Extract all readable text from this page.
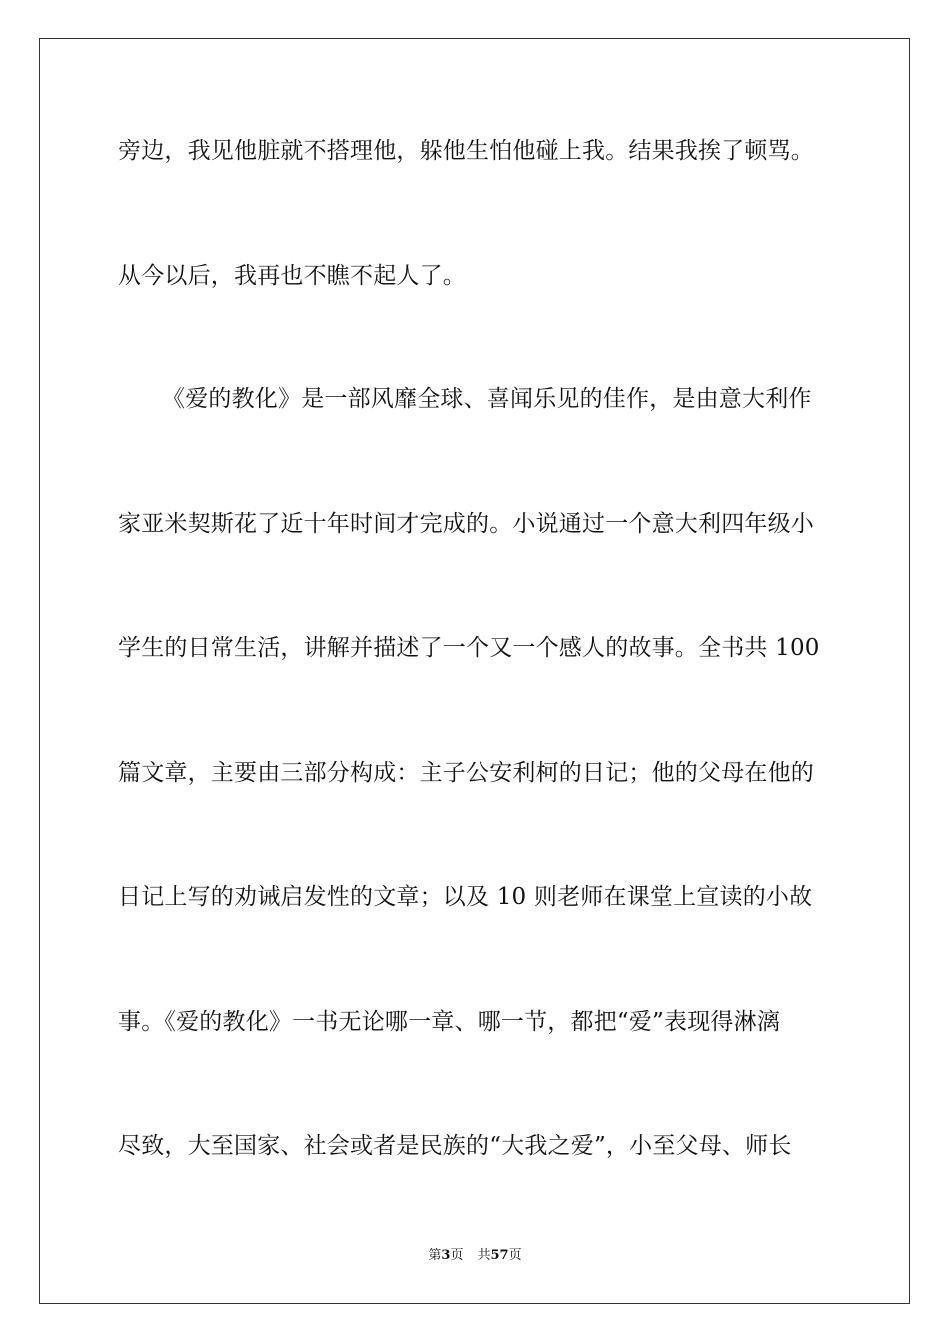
旁边，我见他脏就不搭理他，躲他生怕他碰上我。结果我挨了顿骂。
从今以后，我再也不瞧不起人了。
《爱的教化》是一部风靡全球、喜闻乐见的佳作，是由意大利作
家亚米契斯花了近十年时间才完成的。小说通过一个意大利四年级小
学生的日常生活，讲解并描述了一个又一个感人的故事。全书共 100
篇文章，主要由三部分构成：主子公安利柯的日记；他的父母在他的
日记上写的劝诫启发性的文章；以及 10 则老师在课堂上宣读的小故
事。《爱的教化》一书无论哪一章、哪一节，都把“爱”表现得淋漓
尽致，大至国家、社会或者是民族的“大我之爱”，小至父母、师长
第3页 共57页
